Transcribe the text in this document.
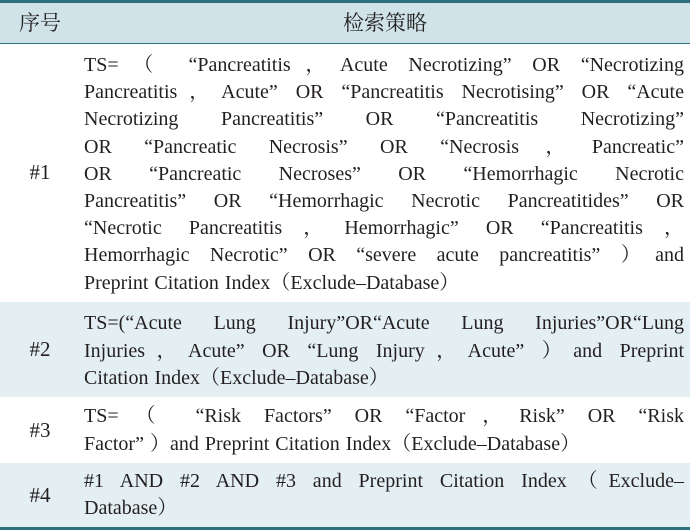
序号	检索策略
#1
TS=（ “Pancreatitis，Acute Necrotizing” OR “Necrotizing
Pancreatitis，Acute” OR “Pancreatitis Necrotising” OR “Acute
Necrotizing Pancreatitis” OR “Pancreatitis Necrotizing”
OR “Pancreatic Necrosis” OR “Necrosis，Pancreatic”
OR “Pancreatic Necroses” OR “Hemorrhagic Necrotic
Pancreatitis” OR “Hemorrhagic Necrotic Pancreatitides” OR
“Necrotic Pancreatitis，Hemorrhagic” OR “Pancreatitis，
Hemorrhagic Necrotic” OR “severe acute pancreatitis” ）and
Preprint Citation Index（Exclude–Database）
#2
TS=(“Acute Lung Injury”OR“Acute Lung Injuries”OR“Lung
Injuries，Acute” OR “Lung Injury，Acute” ）and Preprint
Citation Index（Exclude–Database）
#3
TS=（ “Risk Factors” OR “Factor，Risk” OR “Risk
Factor” ）and Preprint Citation Index（Exclude–Database）
#4
#1 AND #2 AND #3 and Preprint Citation Index（Exclude–
Database）
